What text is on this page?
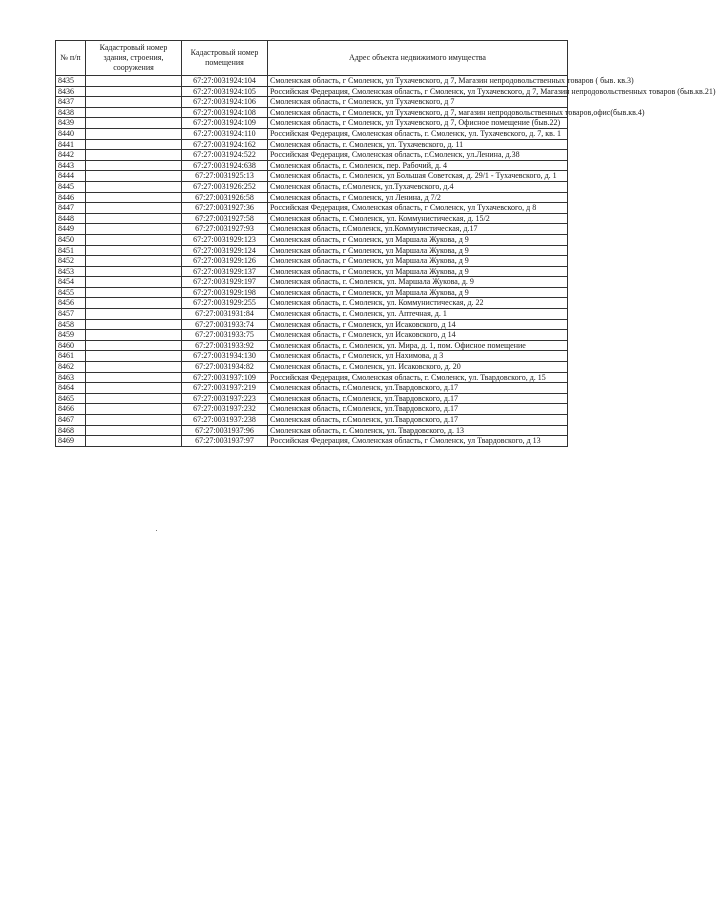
№ п/п	Кадастровый номер здания, строения, сооружения	Кадастровый номер помещения	Адрес объекта недвижимого имущества
8435		67:27:0031924:104	Смоленская область, г Смоленск, ул Тухачевского, д 7, Магазин непродовольственных товаров ( быв. кв.3)
8436		67:27:0031924:105	Российская Федерация, Смоленская область, г Смоленск, ул Тухачевского, д 7, Магазин непродовольственных товаров (быв.кв.21)
8437		67:27:0031924:106	Смоленская область, г Смоленск, ул Тухачевского, д 7
8438		67:27:0031924:108	Смоленская область, г Смоленск, ул Тухачевского, д 7, магазин непродовольственных товаров,офис(быв.кв.4)
8439		67:27:0031924:109	Смоленская область, г Смоленск, ул Тухачевского, д 7, Офисное помещение (быв.22)
8440		67:27:0031924:110	Российская Федерация, Смоленская область, г. Смоленск, ул. Тухачевского, д. 7, кв. 1
8441		67:27:0031924:162	Смоленская область, г. Смоленск, ул. Тухачевского, д. 11
8442		67:27:0031924:522	Российская Федерация, Смоленская область, г.Смоленск, ул.Ленина, д.38
8443		67:27:0031924:638	Смоленская область, г. Смоленск, пер. Рабочий, д. 4
8444		67:27:0031925:13	Смоленская область, г. Смоленск, ул Большая Советская, д. 29/1 - Тухачевского, д. 1
8445		67:27:0031926:252	Смоленская область, г.Смоленск, ул.Тухачевского, д.4
8446		67:27:0031926:58	Смоленская область, г Смоленск, ул Ленина, д 7/2
8447		67:27:0031927:36	Российская Федерация, Смоленская область, г Смоленск, ул Тухачевского, д 8
8448		67:27:0031927:58	Смоленская область, г. Смоленск, ул. Коммунистическая, д. 15/2
8449		67:27:0031927:93	Смоленская область, г.Смоленск, ул.Коммунистическая, д.17
8450		67:27:0031929:123	Смоленская область, г Смоленск, ул Маршала Жукова, д 9
8451		67:27:0031929:124	Смоленская область, г Смоленск, ул Маршала Жукова, д 9
8452		67:27:0031929:126	Смоленская область, г Смоленск, ул Маршала Жукова, д 9
8453		67:27:0031929:137	Смоленская область, г Смоленск, ул Маршала Жукова, д 9
8454		67:27:0031929:197	Смоленская область, г. Смоленск, ул. Маршала Жукова, д. 9
8455		67:27:0031929:198	Смоленская область, г Смоленск, ул Маршала Жукова, д 9
8456		67:27:0031929:255	Смоленская область, г. Смоленск, ул. Коммунистическая, д. 22
8457		67:27:0031931:84	Смоленская область, г. Смоленск, ул. Аптечная, д. 1
8458		67:27:0031933:74	Смоленская область, г Смоленск, ул Исаковского, д 14
8459		67:27:0031933:75	Смоленская область, г Смоленск, ул Исаковского, д 14
8460		67:27:0031933:92	Смоленская область, г. Смоленск, ул. Мира, д. 1, пом. Офисное помещение
8461		67:27:0031934:130	Смоленская область, г Смоленск, ул Нахимова, д 3
8462		67:27:0031934:82	Смоленская область, г. Смоленск, ул. Исаковского, д. 20
8463		67:27:0031937:109	Российская Федерация, Смоленская область, г. Смоленск, ул. Твардовского, д. 15
8464		67:27:0031937:219	Смоленская область, г.Смоленск, ул.Твардовского, д.17
8465		67:27:0031937:223	Смоленская область, г.Смоленск, ул.Твардовского, д.17
8466		67:27:0031937:232	Смоленская область, г.Смоленск, ул.Твардовского, д.17
8467		67:27:0031937:238	Смоленская область, г.Смоленск, ул.Твардовского, д.17
8468		67:27:0031937:96	Смоленская область, г. Смоленск, ул. Твардовского, д. 13
8469		67:27:0031937:97	Российская Федерация, Смоленская область, г Смоленск, ул Твардовского, д 13
